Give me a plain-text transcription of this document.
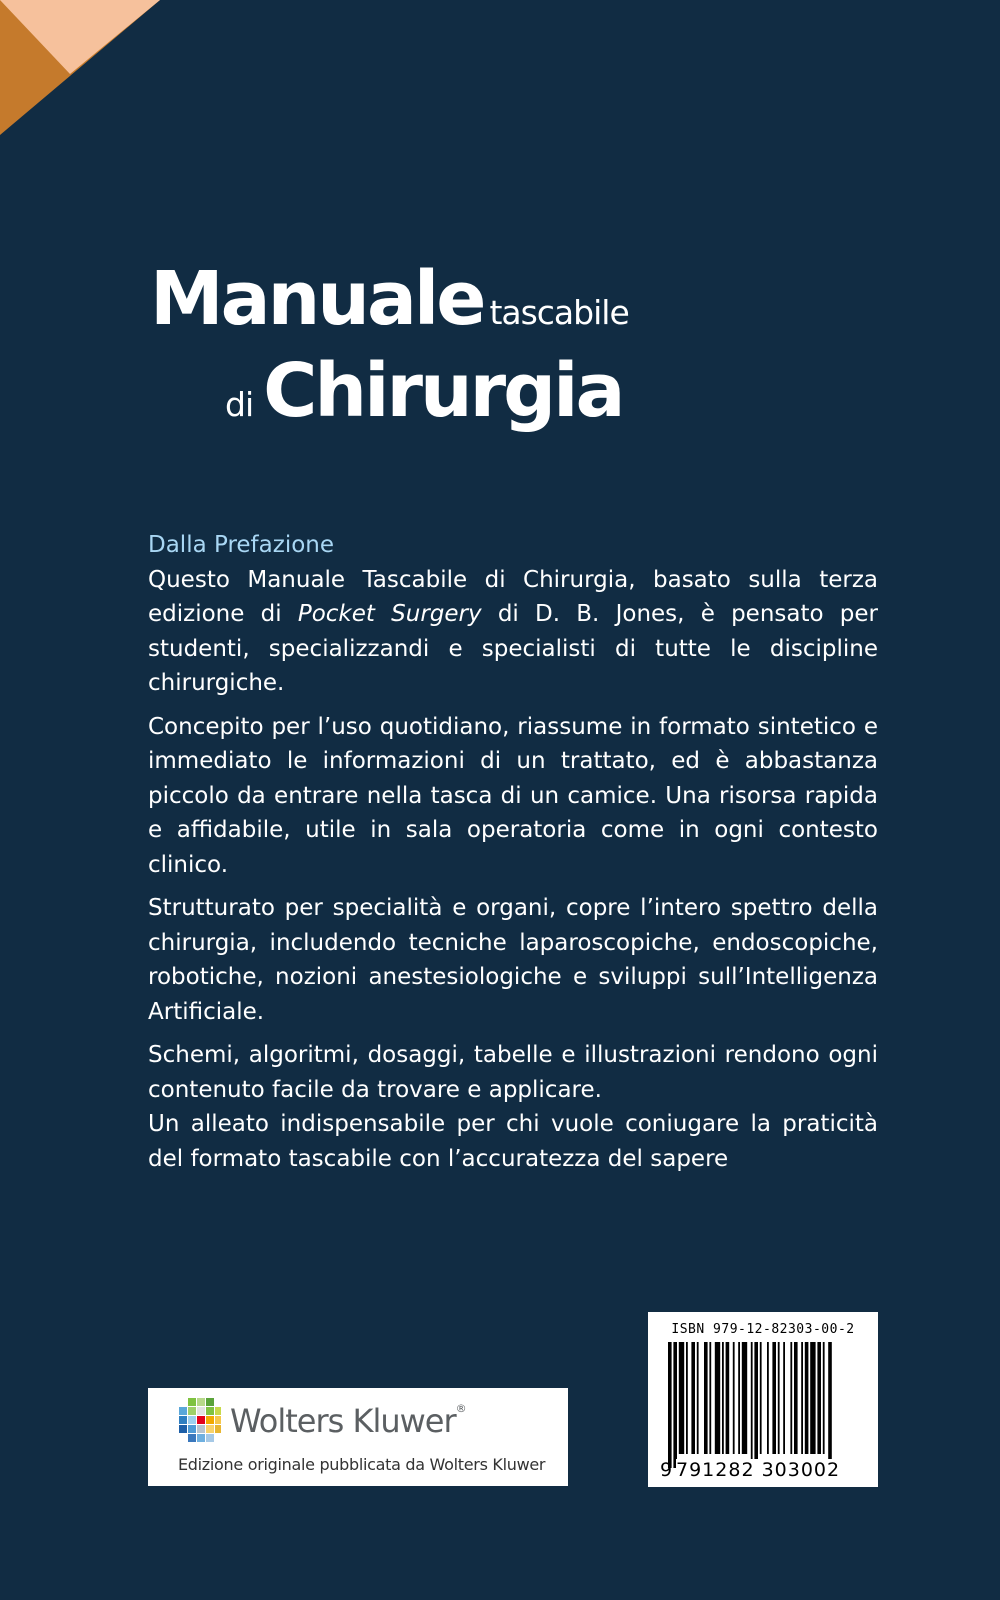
Manuale tascabile
di Chirurgia

Dalla Prefazione

Questo Manuale Tascabile di Chirurgia, basato sulla terza edizione di Pocket Surgery di D. B. Jones, è pensato per studenti, specializzandi e specialisti di tutte le discipline chirurgiche.

Concepito per l’uso quotidiano, riassume in formato sintetico e immediato le informazioni di un trattato, ed è abbastanza piccolo da entrare nella tasca di un camice. Una risorsa rapida e affidabile, utile in sala operatoria come in ogni contesto clinico.

Strutturato per specialità e organi, copre l’intero spettro della chirurgia, includendo tecniche laparoscopiche, endoscopiche, robotiche, nozioni anestesiologiche e sviluppi sull’Intelligenza Artificiale.

Schemi, algoritmi, dosaggi, tabelle e illustrazioni rendono ogni contenuto facile da trovare e applicare.

Un alleato indispensabile per chi vuole coniugare la praticità del formato tascabile con l’accuratezza del sapere

Wolters Kluwer®
Edizione originale pubblicata da Wolters Kluwer
ISBN 979-12-82303-00-2
9 791282 303002
